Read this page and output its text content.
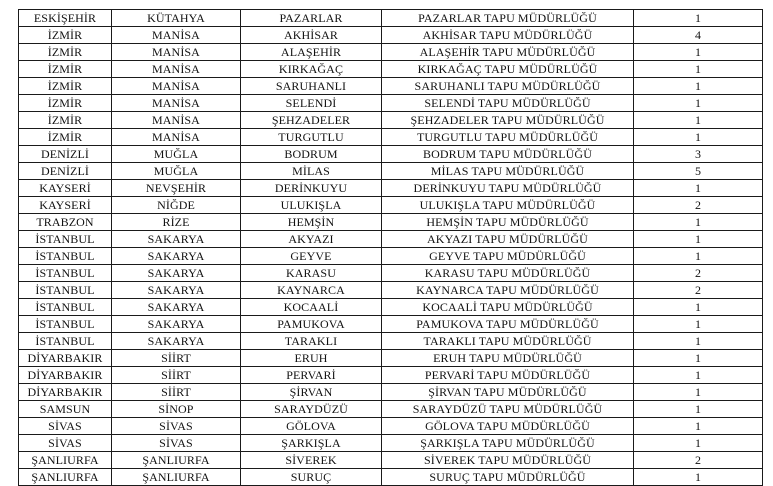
ESKİŞEHİR	KÜTAHYA	PAZARLAR	PAZARLAR TAPU MÜDÜRLÜĞÜ	1
İZMİR	MANİSA	AKHİSAR	AKHİSAR TAPU MÜDÜRLÜĞÜ	4
İZMİR	MANİSA	ALAŞEHİR	ALAŞEHİR TAPU MÜDÜRLÜĞÜ	1
İZMİR	MANİSA	KIRKAĞAÇ	KIRKAĞAÇ TAPU MÜDÜRLÜĞÜ	1
İZMİR	MANİSA	SARUHANLI	SARUHANLI TAPU MÜDÜRLÜĞÜ	1
İZMİR	MANİSA	SELENDİ	SELENDİ TAPU MÜDÜRLÜĞÜ	1
İZMİR	MANİSA	ŞEHZADELER	ŞEHZADELER TAPU MÜDÜRLÜĞÜ	1
İZMİR	MANİSA	TURGUTLU	TURGUTLU TAPU MÜDÜRLÜĞÜ	1
DENİZLİ	MUĞLA	BODRUM	BODRUM TAPU MÜDÜRLÜĞÜ	3
DENİZLİ	MUĞLA	MİLAS	MİLAS TAPU MÜDÜRLÜĞÜ	5
KAYSERİ	NEVŞEHİR	DERİNKUYU	DERİNKUYU TAPU MÜDÜRLÜĞÜ	1
KAYSERİ	NİĞDE	ULUKIŞLA	ULUKIŞLA TAPU MÜDÜRLÜĞÜ	2
TRABZON	RİZE	HEMŞİN	HEMŞİN TAPU MÜDÜRLÜĞÜ	1
İSTANBUL	SAKARYA	AKYAZI	AKYAZI TAPU MÜDÜRLÜĞÜ	1
İSTANBUL	SAKARYA	GEYVE	GEYVE TAPU MÜDÜRLÜĞÜ	1
İSTANBUL	SAKARYA	KARASU	KARASU TAPU MÜDÜRLÜĞÜ	2
İSTANBUL	SAKARYA	KAYNARCA	KAYNARCA TAPU MÜDÜRLÜĞÜ	2
İSTANBUL	SAKARYA	KOCAALİ	KOCAALİ TAPU MÜDÜRLÜĞÜ	1
İSTANBUL	SAKARYA	PAMUKOVA	PAMUKOVA TAPU MÜDÜRLÜĞÜ	1
İSTANBUL	SAKARYA	TARAKLI	TARAKLI TAPU MÜDÜRLÜĞÜ	1
DİYARBAKIR	SİİRT	ERUH	ERUH TAPU MÜDÜRLÜĞÜ	1
DİYARBAKIR	SİİRT	PERVARİ	PERVARİ TAPU MÜDÜRLÜĞÜ	1
DİYARBAKIR	SİİRT	ŞİRVAN	ŞİRVAN TAPU MÜDÜRLÜĞÜ	1
SAMSUN	SİNOP	SARAYDÜZÜ	SARAYDÜZÜ TAPU MÜDÜRLÜĞÜ	1
SİVAS	SİVAS	GÖLOVA	GÖLOVA TAPU MÜDÜRLÜĞÜ	1
SİVAS	SİVAS	ŞARKIŞLA	ŞARKIŞLA TAPU MÜDÜRLÜĞÜ	1
ŞANLIURFA	ŞANLIURFA	SİVEREK	SİVEREK TAPU MÜDÜRLÜĞÜ	2
ŞANLIURFA	ŞANLIURFA	SURUÇ	SURUÇ TAPU MÜDÜRLÜĞÜ	1
